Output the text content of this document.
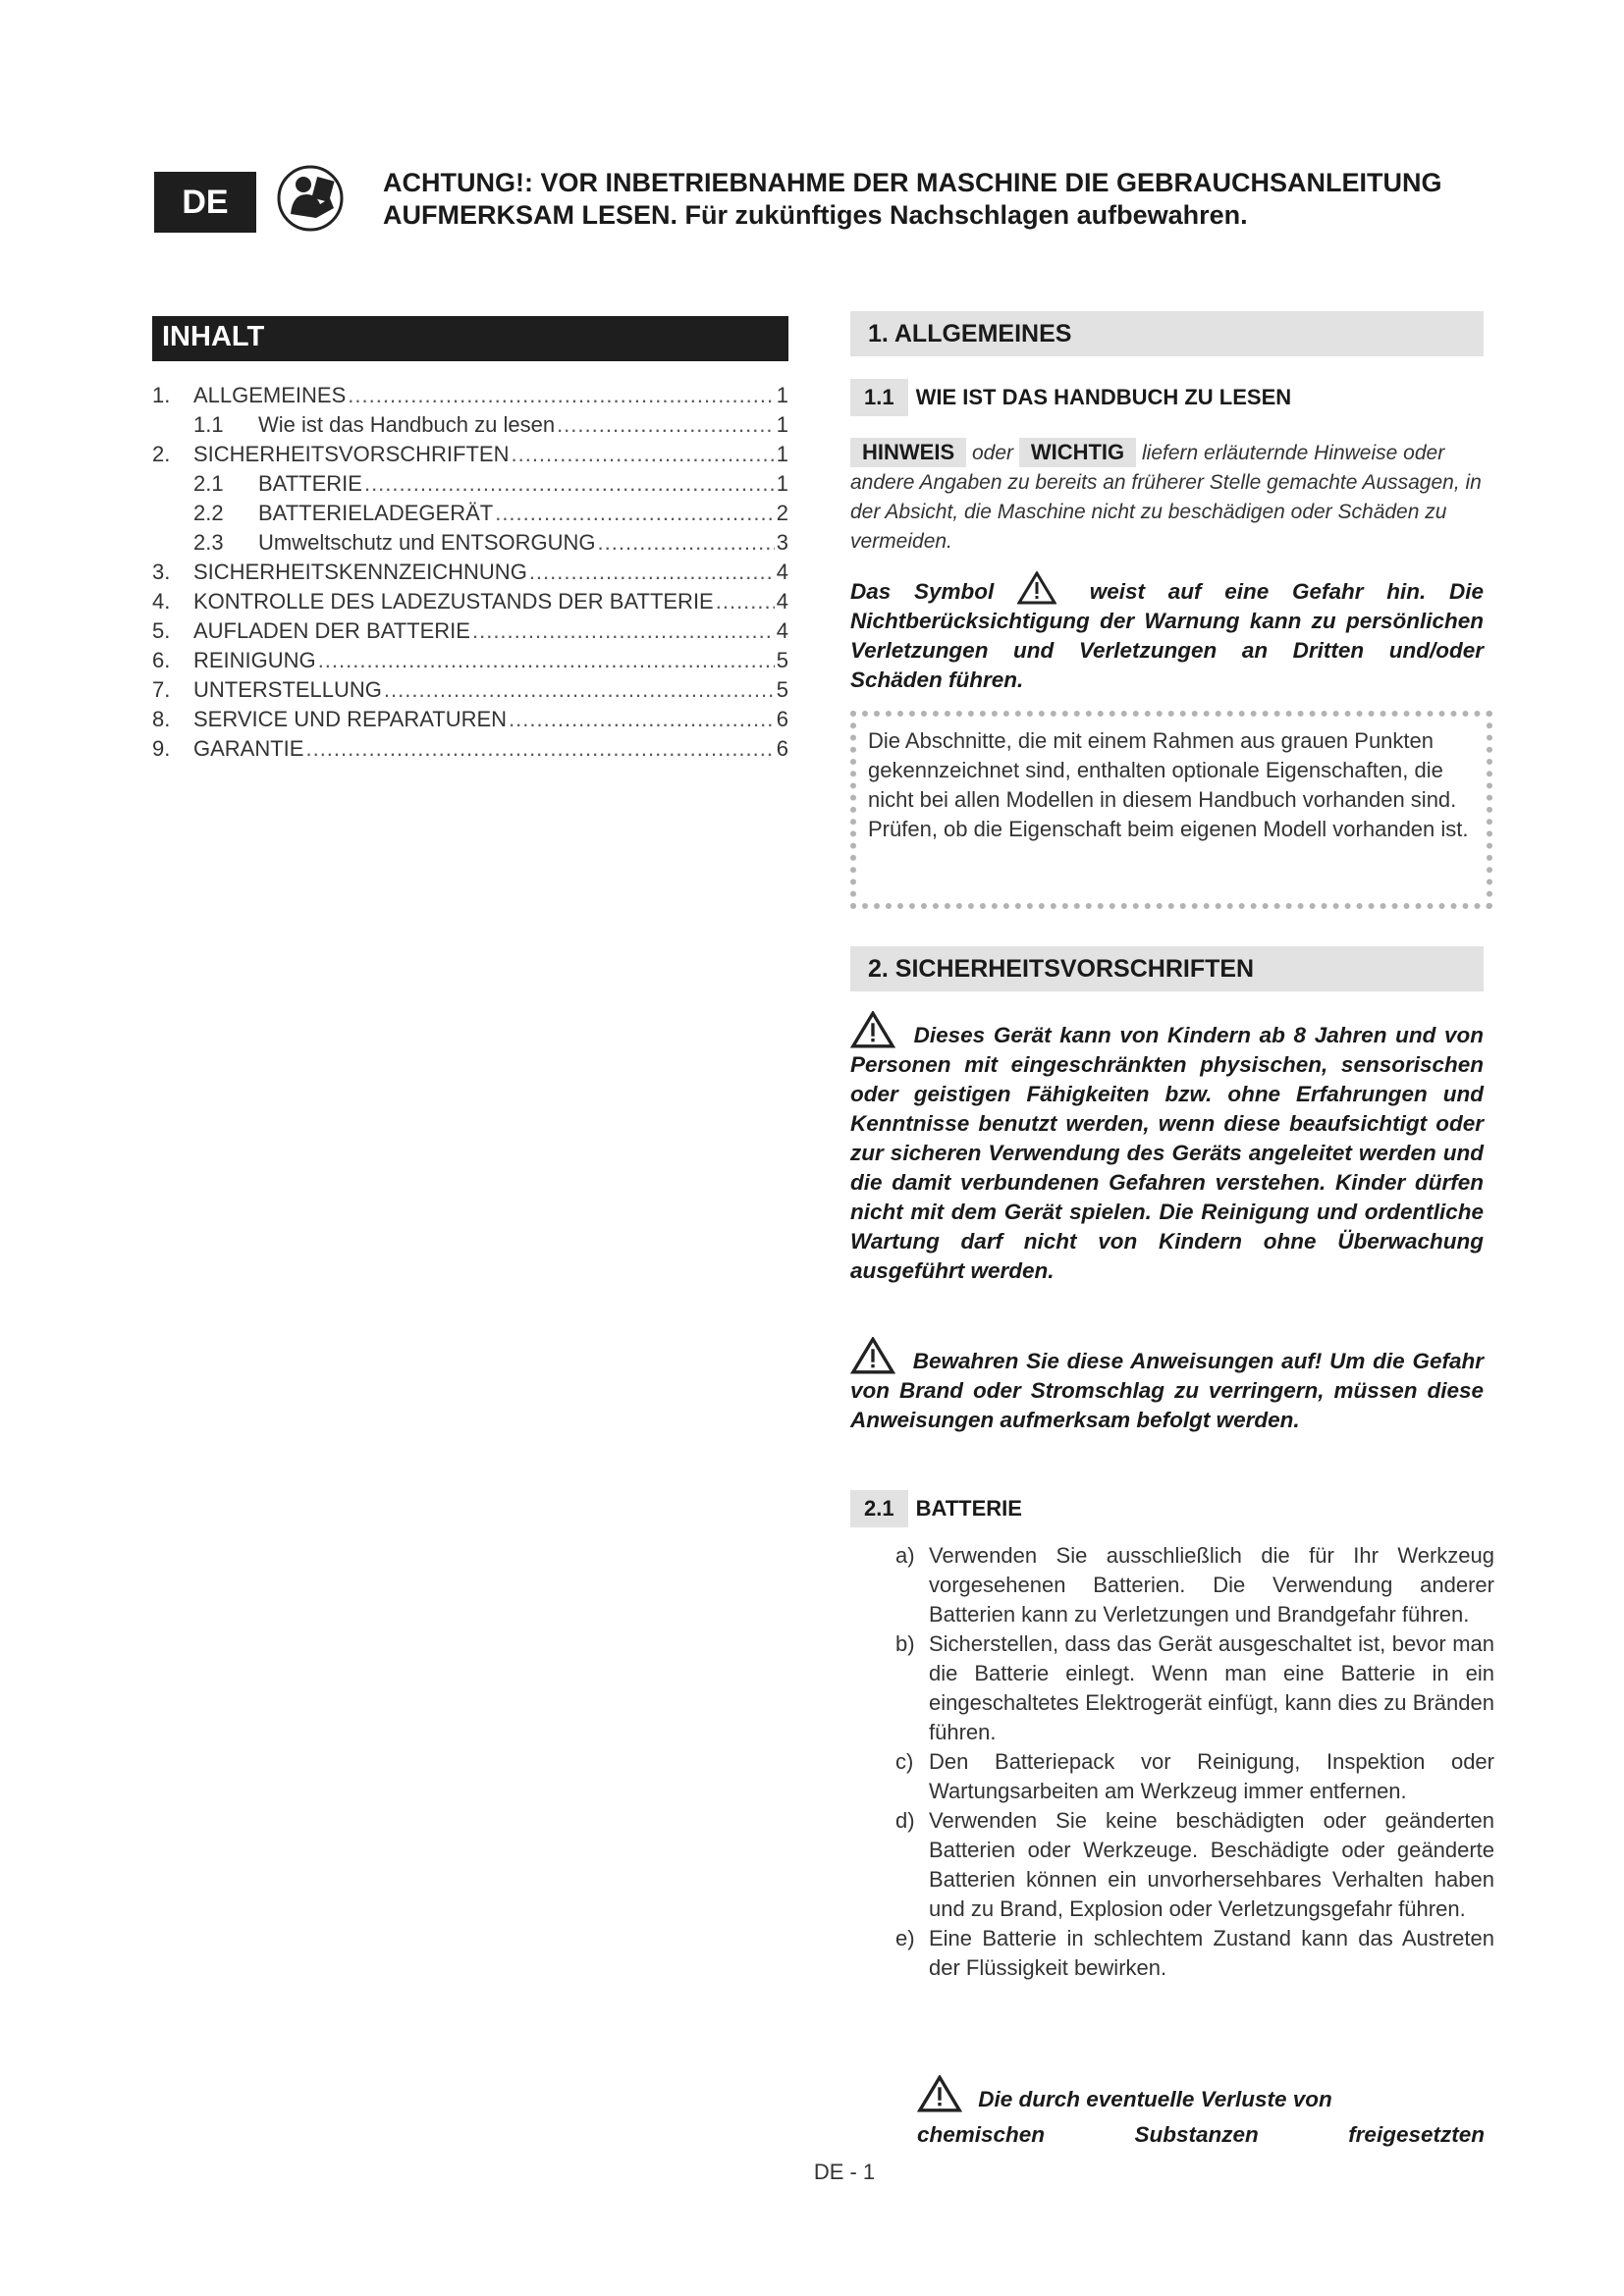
DE
ACHTUNG!: VOR INBETRIEBNAHME DER MASCHINE DIE GEBRAUCHSANLEITUNG
AUFMERKSAM LESEN. Für zukünftiges Nachschlagen aufbewahren.
INHALT
1.	ALLGEMEINES .....	1
1.1	Wie ist das Handbuch zu lesen .....	1
2.	SICHERHEITSVORSCHRIFTEN .....	1
2.1	BATTERIE .....	1
2.2	BATTERIELADEGERÄT .....	2
2.3	Umweltschutz und ENTSORGUNG .....	3
3.	SICHERHEITSKENNZEICHNUNG .....	4
4.	KONTROLLE DES LADEZUSTANDS DER BATTERIE .....	4
5.	AUFLADEN DER BATTERIE .....	4
6.	REINIGUNG .....	5
7.	UNTERSTELLUNG .....	5
8.	SERVICE UND REPARATUREN .....	6
9.	GARANTIE .....	6
1. ALLGEMEINES
1.1	WIE IST DAS HANDBUCH ZU LESEN
HINWEIS oder WICHTIG liefern erläuternde Hinweise oder andere Angaben zu bereits an früherer Stelle gemachte Aussagen, in der Absicht, die Maschine nicht zu beschädigen oder Schäden zu vermeiden.
Das Symbol	weist auf eine Gefahr hin. Die Nichtberücksichtigung der Warnung kann zu persönlichen Verletzungen und Verletzungen an Dritten und/oder Schäden führen.
Die Abschnitte, die mit einem Rahmen aus grauen Punkten gekennzeichnet sind, enthalten optionale Eigenschaften, die nicht bei allen Modellen in diesem Handbuch vorhanden sind. Prüfen, ob die Eigenschaft beim eigenen Modell vorhanden ist.
2. SICHERHEITSVORSCHRIFTEN
Dieses Gerät kann von Kindern ab 8 Jahren und von Personen mit eingeschränkten physischen, sensorischen oder geistigen Fähigkeiten bzw. ohne Erfahrungen und Kenntnisse benutzt werden, wenn diese beaufsichtigt oder zur sicheren Verwendung des Geräts angeleitet werden und die damit verbundenen Gefahren verstehen. Kinder dürfen nicht mit dem Gerät spielen. Die Reinigung und ordentliche Wartung darf nicht von Kindern ohne Überwachung ausgeführt werden.
Bewahren Sie diese Anweisungen auf! Um die Gefahr von Brand oder Stromschlag zu verringern, müssen diese Anweisungen aufmerksam befolgt werden.
2.1	BATTERIE
a) Verwenden Sie ausschließlich die für Ihr Werkzeug vorgesehenen Batterien. Die Verwendung anderer Batterien kann zu Verletzungen und Brandgefahr führen.
b) Sicherstellen, dass das Gerät ausgeschaltet ist, bevor man die Batterie einlegt. Wenn man eine Batterie in ein eingeschaltetes Elektrogerät einfügt, kann dies zu Bränden führen.
c) Den Batteriepack vor Reinigung, Inspektion oder Wartungsarbeiten am Werkzeug immer entfernen.
d) Verwenden Sie keine beschädigten oder geänderten Batterien oder Werkzeuge. Beschädigte oder geänderte Batterien können ein unvorhersehbares Verhalten haben und zu Brand, Explosion oder Verletzungsgefahr führen.
e) Eine Batterie in schlechtem Zustand kann das Austreten der Flüssigkeit bewirken.
Die durch eventuelle Verluste von
chemischen	Substanzen	freigesetzten
DE - 1
